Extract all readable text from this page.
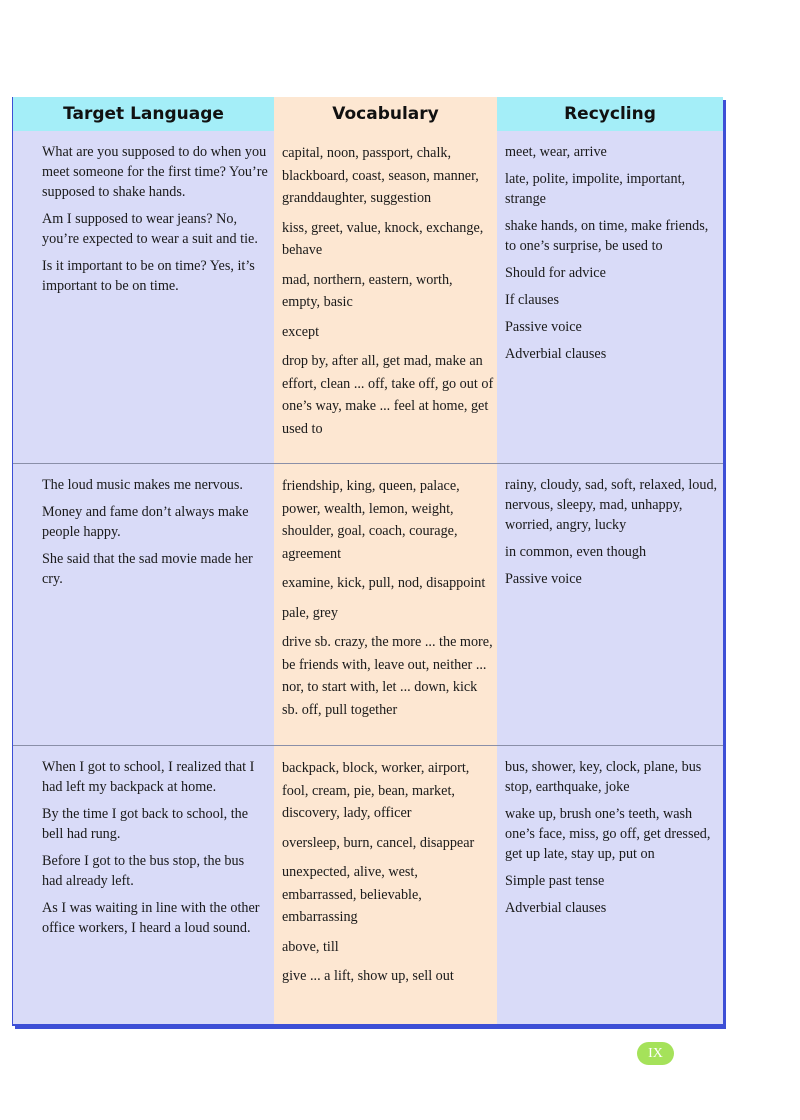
Target Language	Vocabulary	Recycling

What are you supposed to do when you meet someone for the first time? You’re supposed to shake hands.

Am I supposed to wear jeans? No, you’re expected to wear a suit and tie.

Is it important to be on time? Yes, it’s important to be on time.

capital, noon, passport, chalk, blackboard, coast, season, manner, granddaughter, suggestion

kiss, greet, value, knock, exchange, behave

mad, northern, eastern, worth, empty, basic

except

drop by, after all, get mad, make an effort, clean ... off, take off, go out of one’s way, make ... feel at home, get used to

meet, wear, arrive

late, polite, impolite, important, strange

shake hands, on time, make friends, to one’s surprise, be used to

Should for advice

If clauses

Passive voice

Adverbial clauses

The loud music makes me nervous.

Money and fame don’t always make people happy.

She said that the sad movie made her cry.

friendship, king, queen, palace, power, wealth, lemon, weight, shoulder, goal, coach, courage, agreement

examine, kick, pull, nod, disappoint

pale, grey

drive sb. crazy, the more ... the more, be friends with, leave out, neither ... nor, to start with, let ... down, kick sb. off, pull together

rainy, cloudy, sad, soft, relaxed, loud, nervous, sleepy, mad, unhappy, worried, angry, lucky

in common, even though

Passive voice

When I got to school, I realized that I had left my backpack at home.

By the time I got back to school, the bell had rung.

Before I got to the bus stop, the bus had already left.

As I was waiting in line with the other office workers, I heard a loud sound.

backpack, block, worker, airport, fool, cream, pie, bean, market, discovery, lady, officer

oversleep, burn, cancel, disappear

unexpected, alive, west, embarrassed, believable, embarrassing

above, till

give ... a lift, show up, sell out

bus, shower, key, clock, plane, bus stop, earthquake, joke

wake up, brush one’s teeth, wash one’s face, miss, go off, get dressed, get up late, stay up, put on

Simple past tense

Adverbial clauses

IX
